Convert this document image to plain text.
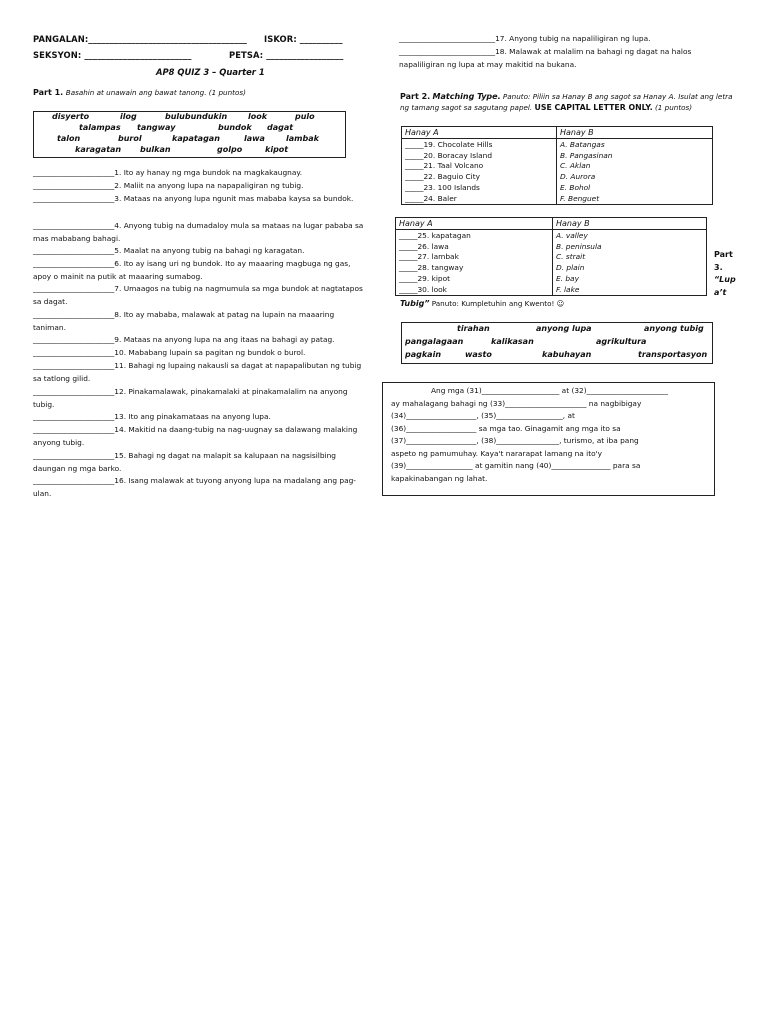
PANGALAN:_____________________________________ ISKOR: __________
SEKSYON: _________________________	PETSA: __________________
AP8 QUIZ 3 – Quarter 1
Part 1. Basahin at unawain ang bawat tanong. (1 puntos)
disyerto	ilog	bulubundukin	look	pulo
talampas tangway	bundok dagat
talon	burol	kapatagan	lawa	lambak
karagatan bulkan	golpo	kipot
______________________1. Ito ay hanay ng mga bundok na magkakaugnay.
______________________2. Maliit na anyong lupa na napapaligiran ng tubig.
______________________3. Mataas na anyong lupa ngunit mas mababa kaysa sa bundok.
______________________4. Anyong tubig na dumadaloy mula sa mataas na lugar pababa sa mas mababang bahagi.
______________________5. Maalat na anyong tubig na bahagi ng karagatan.
______________________6. Ito ay isang uri ng bundok. Ito ay maaaring magbuga ng gas, apoy o mainit na putik at maaaring sumabog.
______________________7. Umaagos na tubig na nagmumula sa mga bundok at nagtatapos sa dagat.
______________________8. Ito ay mababa, malawak at patag na lupain na maaaring taniman.
______________________9. Mataas na anyong lupa na ang itaas na bahagi ay patag.
______________________10. Mababang lupain sa pagitan ng bundok o burol.
______________________11. Bahagi ng lupaing nakausli sa dagat at napapalibutan ng tubig sa tatlong gilid.
______________________12. Pinakamalawak, pinakamalaki at pinakamalalim na anyong tubig.
______________________13. Ito ang pinakamataas na anyong lupa.
______________________14. Makitid na daang-tubig na nag-uugnay sa dalawang malaking anyong tubig.
______________________15. Bahagi ng dagat na malapit sa kalupaan na nagsisilbing daungan ng mga barko.
______________________16. Isang malawak at tuyong anyong lupa na madalang ang pag-ulan.
__________________________17. Anyong tubig na napaliligiran ng lupa.
__________________________18. Malawak at malalim na bahagi ng dagat na halos napaliligiran ng lupa at may makitid na bukana.
Part 2. Matching Type. Panuto: Piliin sa Hanay B ang sagot sa Hanay A. Isulat ang letra ng tamang sagot sa sagutang papel. USE CAPITAL LETTER ONLY. (1 puntos)
Hanay A	Hanay B
_____19. Chocolate Hills	A. Batangas
_____20. Boracay Island	B. Pangasinan
_____21. Taal Volcano	C. Aklan
_____22. Baguio City	D. Aurora
_____23. 100 Islands	E. Bohol
_____24. Baler	F. Benguet
Hanay A	Hanay B
_____25. kapatagan	A. valley
_____26. lawa	B. peninsula
_____27. lambak	C. strait
_____28. tangway	D. plain
_____29. kipot	E. bay
_____30. look	F. lake
Part
3.
“Lup
a’t
Tubig” Panuto: Kumpletuhin ang Kwento! ☺
tirahan	anyong lupa	anyong tubig
pangalagaan	kalikasan	agrikultura
pagkain	wasto	kabuhayan	transportasyon

Ang mga (31)_____________________ at (32)______________________

ay mahalagang bahagi ng (33)______________________ na nagbibigay

(34)___________________, (35)__________________, at

(36)___________________ sa mga tao. Ginagamit ang mga ito sa

(37)___________________, (38)_________________, turismo, at iba pang

aspeto ng pamumuhay. Kaya't nararapat lamang na ito'y

(39)__________________ at gamitin nang (40)________________ para sa

kapakinabangan ng lahat.
